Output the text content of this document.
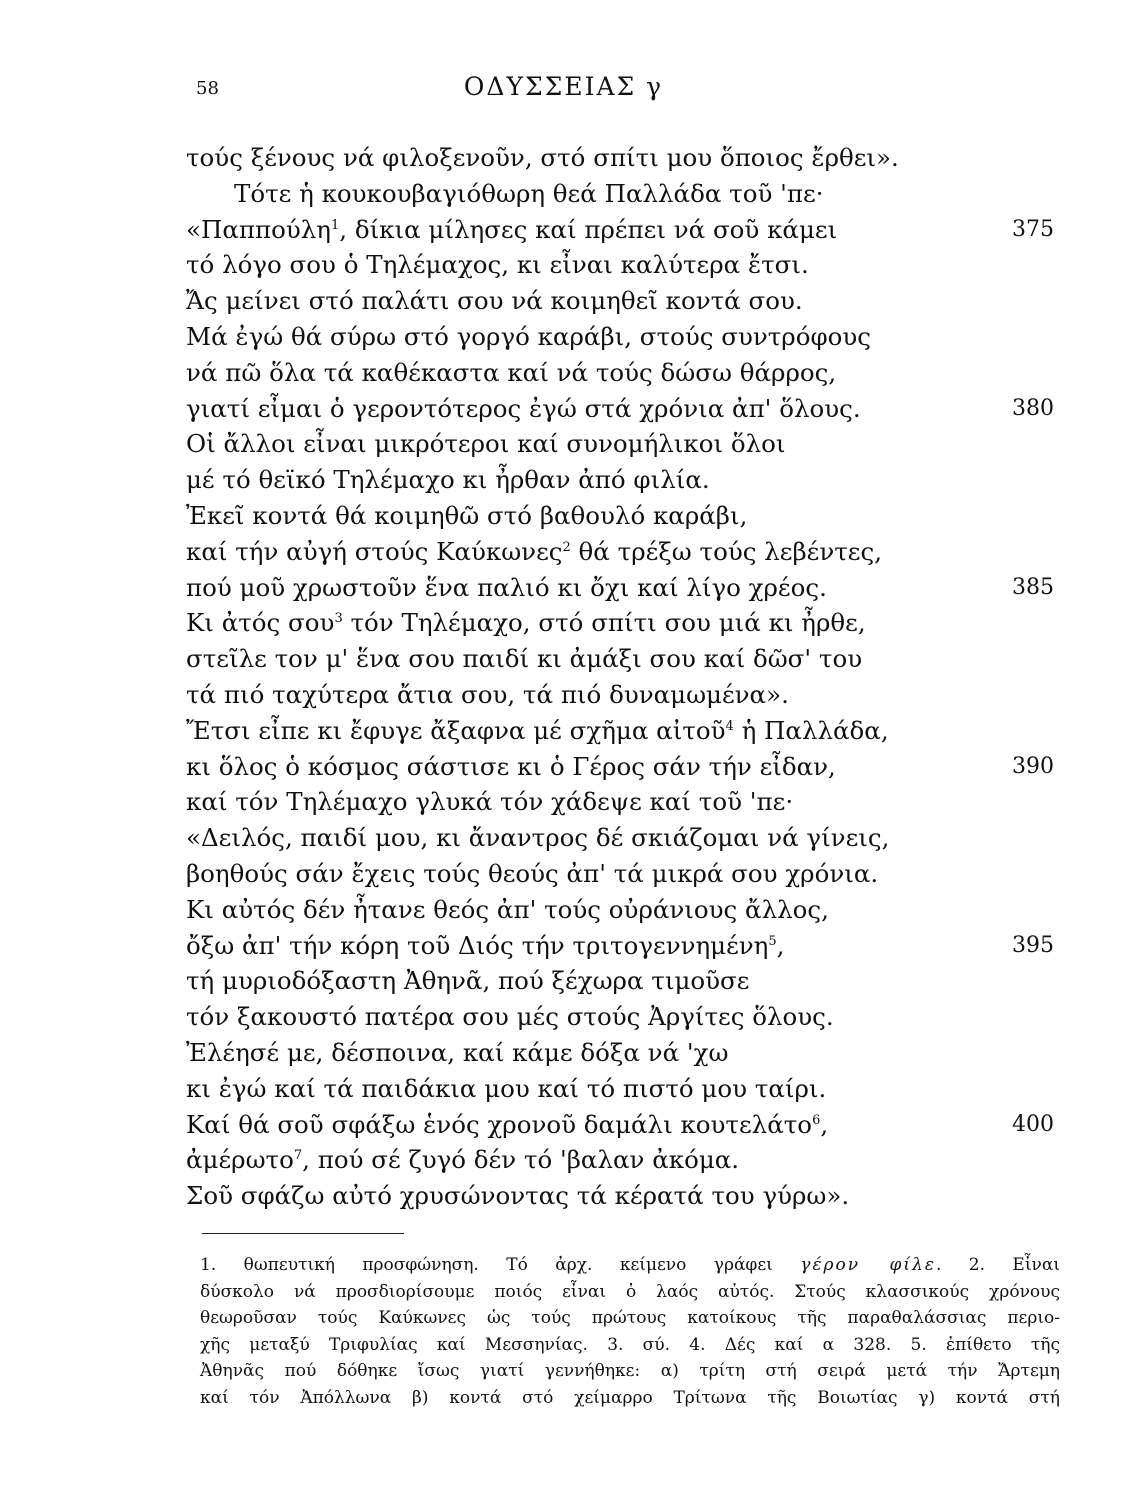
58	ΟΔΥΣΣΕΙΑΣ γ
τούς ξένους νά φιλοξενοῦν, στό σπίτι μου ὅποιος ἔρθει».
Τότε ἡ κουκουβαγιόθωρη θεά Παλλάδα τοῦ 'πε·
«Παππούλη$^1$, δίκια μίλησες καί πρέπει νά σοῦ κάμει	375
τό λόγο σου ὁ Τηλέμαχος, κι εἶναι καλύτερα ἔτσι.
Ἄς μείνει στό παλάτι σου νά κοιμηθεῖ κοντά σου.
Μά ἐγώ θά σύρω στό γοργό καράβι, στούς συντρόφους
νά πῶ ὅλα τά καθέκαστα καί νά τούς δώσω θάρρος,
γιατί εἶμαι ὁ γεροντότερος ἐγώ στά χρόνια ἀπ' ὅλους.	380
Οἱ ἄλλοι εἶναι μικρότεροι καί συνομήλικοι ὅλοι
μέ τό θεϊκό Τηλέμαχο κι ἦρθαν ἀπό φιλία.
Ἐκεῖ κοντά θά κοιμηθῶ στό βαθουλό καράβι,
καί τήν αὐγή στούς Καύκωνες$^2$ θά τρέξω τούς λεβέντες,
πού μοῦ χρωστοῦν ἕνα παλιό κι ὄχι καί λίγο χρέος.	385
Κι ἀτός σου$^3$ τόν Τηλέμαχο, στό σπίτι σου μιά κι ἦρθε,
στεῖλε τον μ' ἕνα σου παιδί κι ἀμάξι σου καί δῶσ' του
τά πιό ταχύτερα ἄτια σου, τά πιό δυναμωμένα».
Ἔτσι εἶπε κι ἔφυγε ἄξαφνα μέ σχῆμα αἰτοῦ$^4$ ἡ Παλλάδα,
κι ὅλος ὁ κόσμος σάστισε κι ὁ Γέρος σάν τήν εἶδαν,	390
καί τόν Τηλέμαχο γλυκά τόν χάδεψε καί τοῦ 'πε·
«Δειλός, παιδί μου, κι ἄναντρος δέ σκιάζομαι νά γίνεις,
βοηθούς σάν ἔχεις τούς θεούς ἀπ' τά μικρά σου χρόνια.
Κι αὐτός δέν ἦτανε θεός ἀπ' τούς οὐράνιους ἄλλος,
ὄξω ἀπ' τήν κόρη τοῦ Διός τήν τριτογεννημένη$^5$,	395
τή μυριοδόξαστη Ἀθηνᾶ, πού ξέχωρα τιμοῦσε
τόν ξακουστό πατέρα σου μές στούς Ἀργίτες ὅλους.
Ἐλέησέ με, δέσποινα, καί κάμε δόξα νά 'χω
κι ἐγώ καί τά παιδάκια μου καί τό πιστό μου ταίρι.
Καί θά σοῦ σφάξω ἑνός χρονοῦ δαμάλι κουτελάτο$^6$,	400
ἀμέρωτο$^7$, πού σέ ζυγό δέν τό 'βαλαν ἀκόμα.
Σοῦ σφάζω αὐτό χρυσώνοντας τά κέρατά του γύρω».
1. θωπευτική προσφώνηση. Τό ἀρχ. κείμενο γράφει γέρον φίλε. 2. Εἶναι
δύσκολο νά προσδιορίσουμε ποιός εἶναι ὁ λαός αὐτός. Στούς κλασσικούς χρόνους
θεωροῦσαν τούς Καύκωνες ὡς τούς πρώτους κατοίκους τῆς παραθαλάσσιας περιο-
χῆς μεταξύ Τριφυλίας καί Μεσσηνίας. 3. σύ. 4. Δές καί α 328. 5. ἐπίθετο τῆς
Ἀθηνᾶς πού δόθηκε ἴσως γιατί γεννήθηκε: α) τρίτη στή σειρά μετά τήν Ἄρτεμη
καί τόν Ἀπόλλωνα β) κοντά στό χείμαρρο Τρίτωνα τῆς Βοιωτίας γ) κοντά στή
